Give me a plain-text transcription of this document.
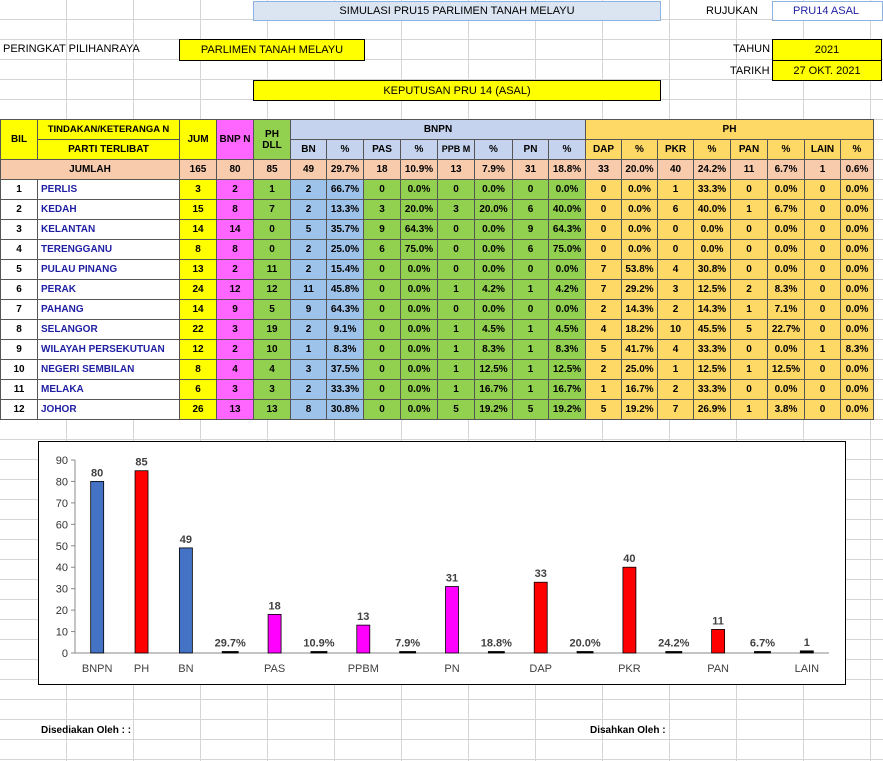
SIMULASI PRU15 PARLIMEN TANAH MELAYU	RUJUKAN	PRU14 ASAL
PERINGKAT PILIHANRAYA	PARLIMEN TANAH MELAYU	TAHUN	2021
TARIKH	27 OKT. 2021
KEPUTUSAN PRU 14 (ASAL)
BIL	TINDAKAN/KETERANGA N	JUM	BNP N	PH DLL	BNPN								PH							
	PARTI TERLIBAT				BN	%	PAS	%	PPB M	%	PN	%	DAP	%	PKR	%	PAN	%	LAIN	%
JUMLAH		165	80	85	49	29.7%	18	10.9%	13	7.9%	31	18.8%	33	20.0%	40	24.2%	11	6.7%	1	0.6%
1	PERLIS	3	2	1	2	66.7%	0	0.0%	0	0.0%	0	0.0%	0	0.0%	1	33.3%	0	0.0%	0	0.0%
2	KEDAH	15	8	7	2	13.3%	3	20.0%	3	20.0%	6	40.0%	0	0.0%	6	40.0%	1	6.7%	0	0.0%
3	KELANTAN	14	14	0	5	35.7%	9	64.3%	0	0.0%	9	64.3%	0	0.0%	0	0.0%	0	0.0%	0	0.0%
4	TERENGGANU	8	8	0	2	25.0%	6	75.0%	0	0.0%	6	75.0%	0	0.0%	0	0.0%	0	0.0%	0	0.0%
5	PULAU PINANG	13	2	11	2	15.4%	0	0.0%	0	0.0%	0	0.0%	7	53.8%	4	30.8%	0	0.0%	0	0.0%
6	PERAK	24	12	12	11	45.8%	0	0.0%	1	4.2%	1	4.2%	7	29.2%	3	12.5%	2	8.3%	0	0.0%
7	PAHANG	14	9	5	9	64.3%	0	0.0%	0	0.0%	0	0.0%	2	14.3%	2	14.3%	1	7.1%	0	0.0%
8	SELANGOR	22	3	19	2	9.1%	0	0.0%	1	4.5%	1	4.5%	4	18.2%	10	45.5%	5	22.7%	0	0.0%
9	WILAYAH PERSEKUTUAN	12	2	10	1	8.3%	0	0.0%	1	8.3%	1	8.3%	5	41.7%	4	33.3%	0	0.0%	1	8.3%
10	NEGERI SEMBILAN	8	4	4	3	37.5%	0	0.0%	1	12.5%	1	12.5%	2	25.0%	1	12.5%	1	12.5%	0	0.0%
11	MELAKA	6	3	3	2	33.3%	0	0.0%	1	16.7%	1	16.7%	1	16.7%	2	33.3%	0	0.0%	0	0.0%
12	JOHOR	26	13	13	8	30.8%	0	0.0%	5	19.2%	5	19.2%	5	19.2%	7	26.9%	1	3.8%	0	0.0%
0
10
20
30
40
50
60
70
80
90
80
BNPN
85
PH
49
BN
29.7%
18
PAS
10.9%
13
PPBM
7.9%
31
PN
18.8%
33
DAP
20.0%
40
PKR
24.2%
11
PAN
6.7%	1
LAIN
Disediakan Oleh : :	Disahkan Oleh :
